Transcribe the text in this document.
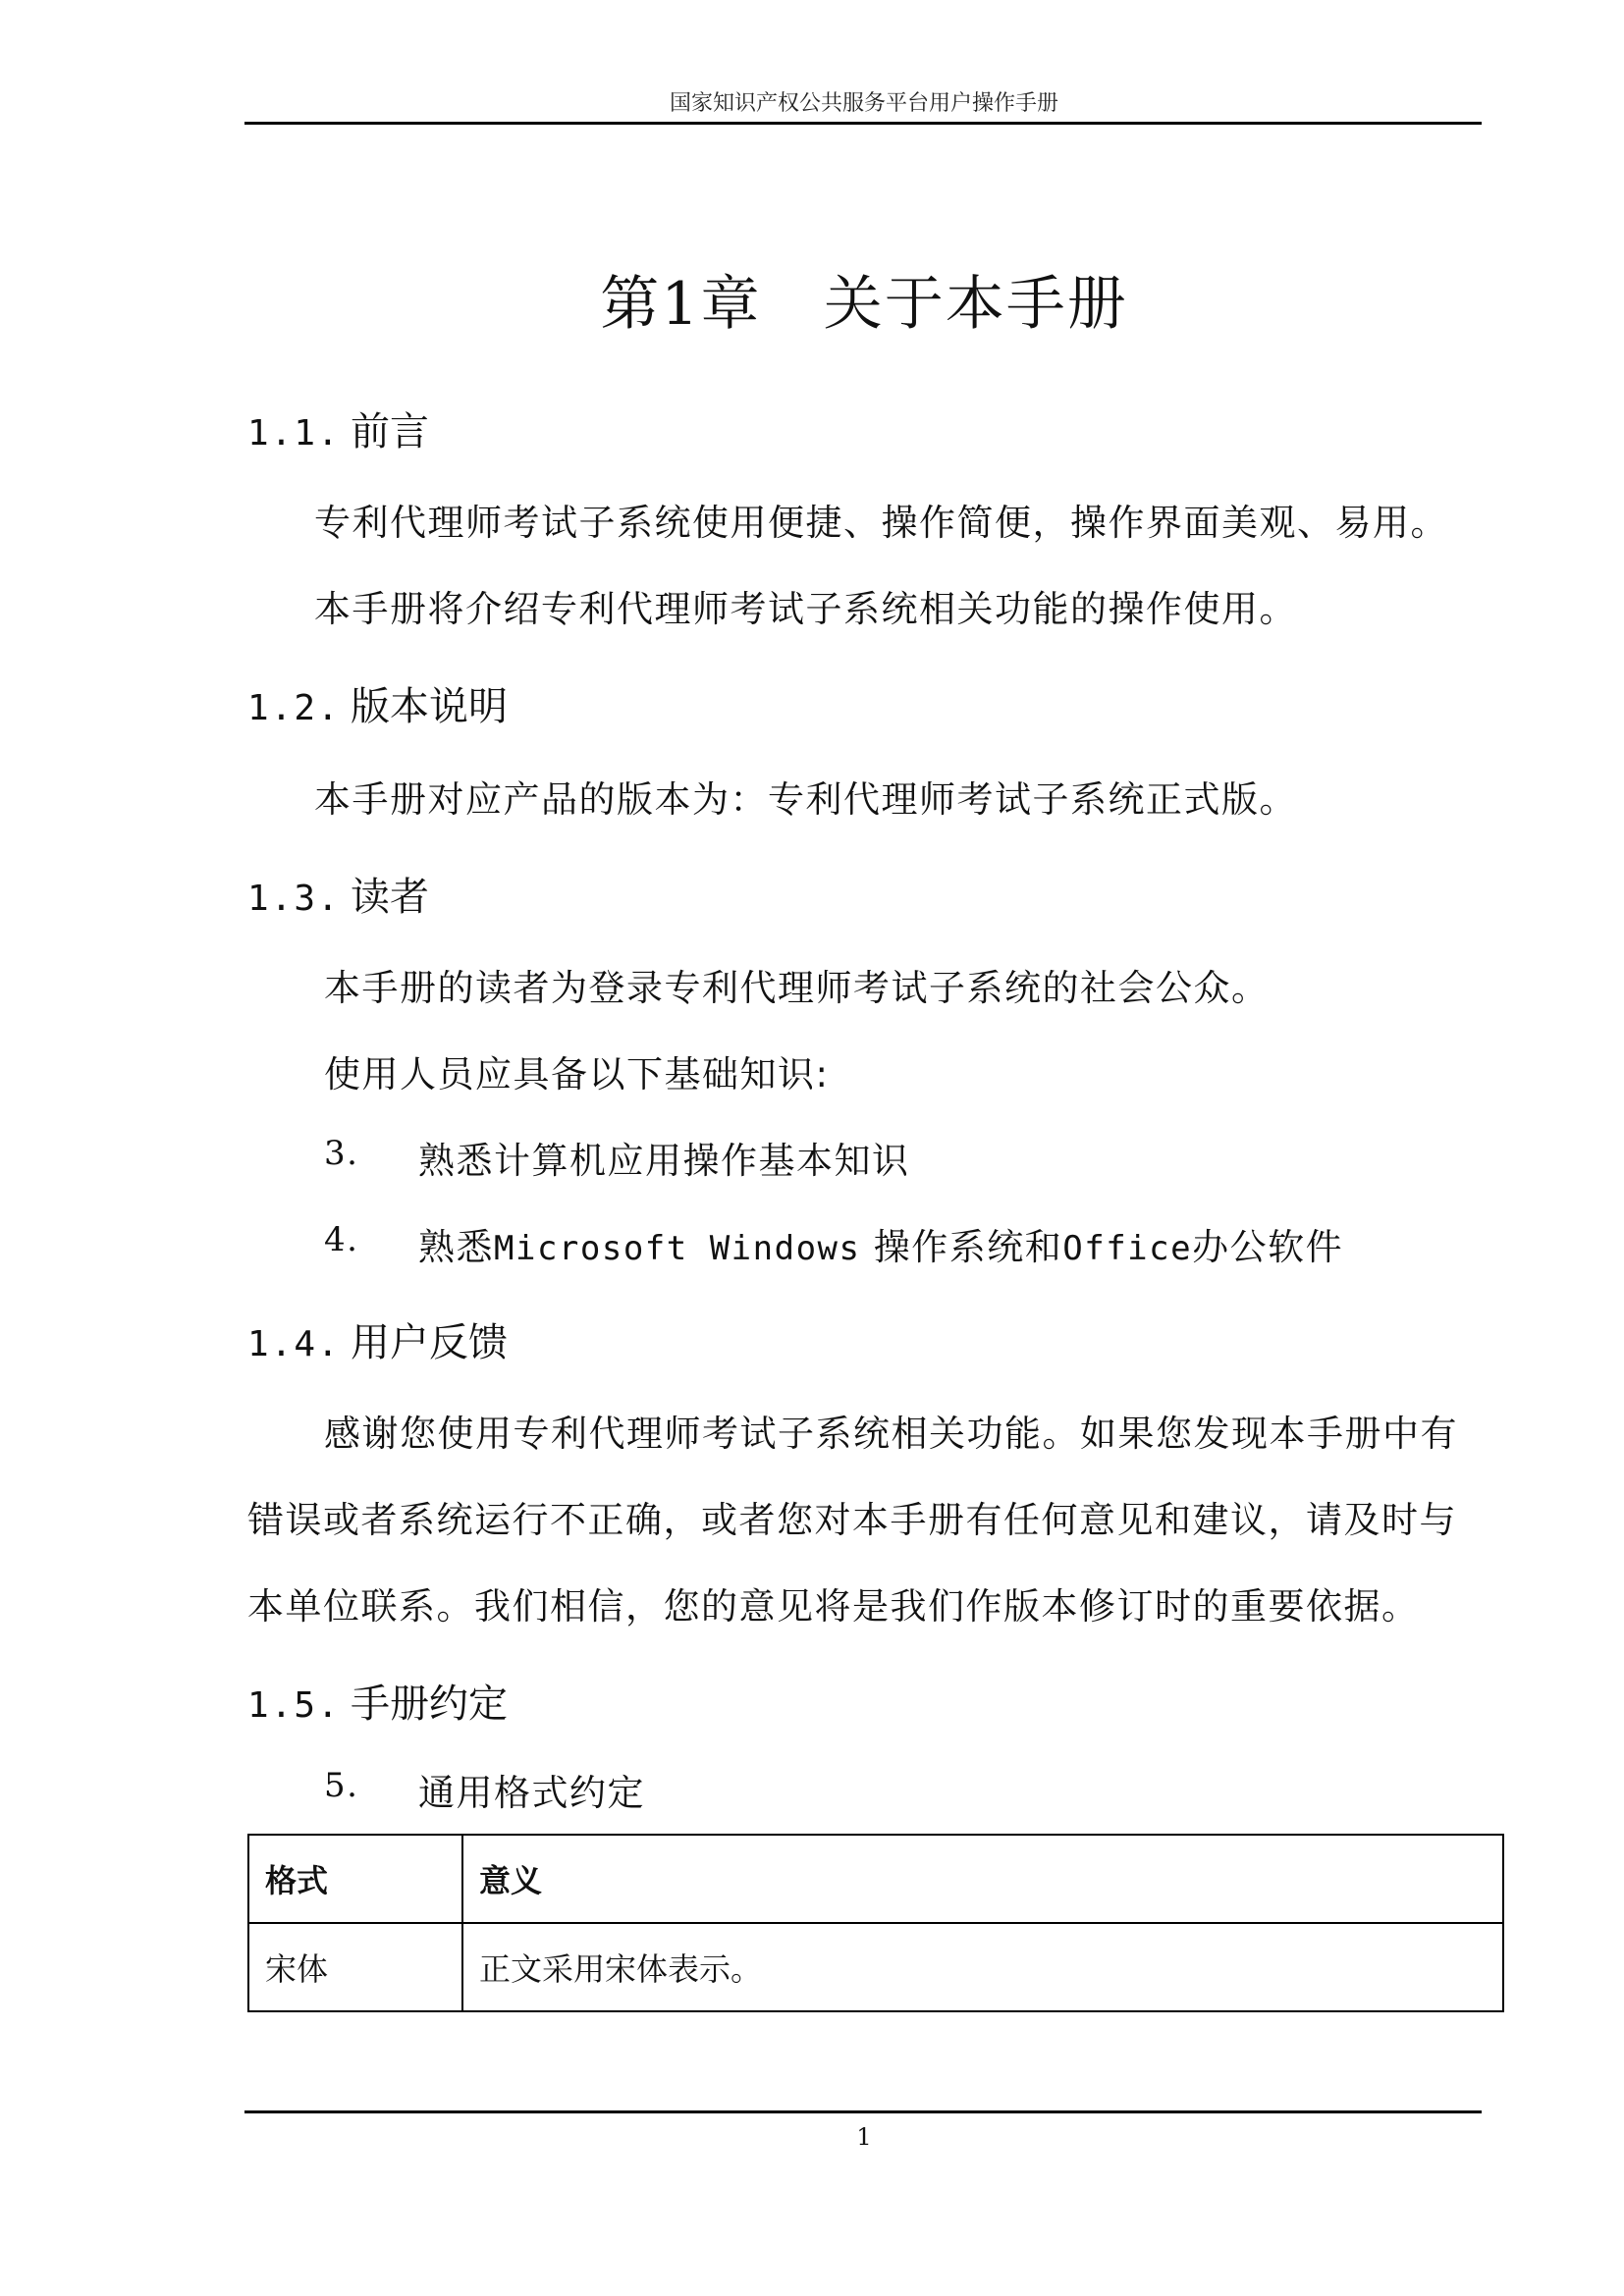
国家知识产权公共服务平台用户操作手册
第1章 关于本手册
1.1. 前言
专利代理师考试子系统使用便捷、操作简便，操作界面美观、易用。
本手册将介绍专利代理师考试子系统相关功能的操作使用。
1.2. 版本说明
本手册对应产品的版本为：专利代理师考试子系统正式版。
1.3. 读者
本手册的读者为登录专利代理师考试子系统的社会公众。
使用人员应具备以下基础知识:
3. 熟悉计算机应用操作基本知识
4. 熟悉Microsoft Windows 操作系统和Office办公软件
1.4. 用户反馈
感谢您使用专利代理师考试子系统相关功能。如果您发现本手册中有
错误或者系统运行不正确，或者您对本手册有任何意见和建议，请及时与
本单位联系。我们相信，您的意见将是我们作版本修订时的重要依据。
1.5. 手册约定
5. 通用格式约定
格式	意义
宋体	正文采用宋体表示。
1
